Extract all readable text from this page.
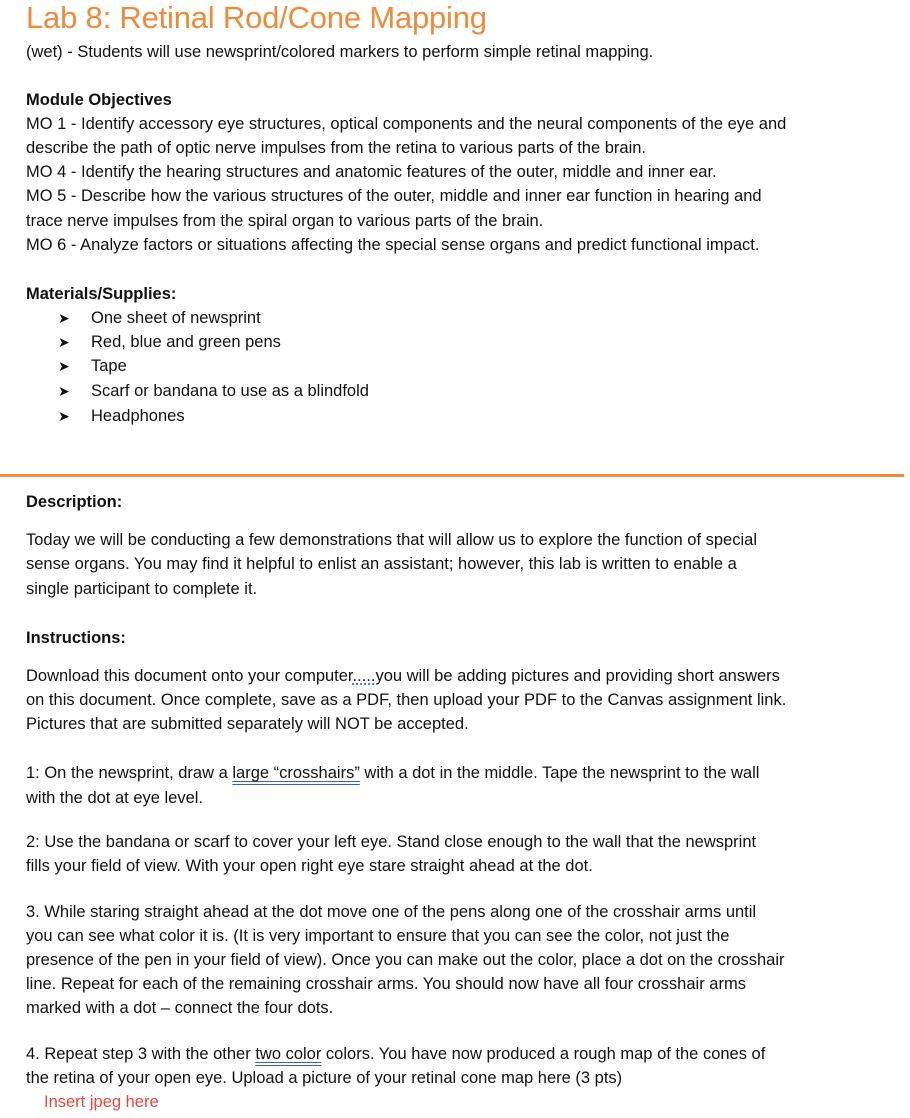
Lab 8: Retinal Rod/Cone Mapping
(wet) - Students will use newsprint/colored markers to perform simple retinal mapping.
Module Objectives
MO 1 - Identify accessory eye structures, optical components and the neural components of the eye and
describe the path of optic nerve impulses from the retina to various parts of the brain.
MO 4 - Identify the hearing structures and anatomic features of the outer, middle and inner ear.
MO 5 - Describe how the various structures of the outer, middle and inner ear function in hearing and
trace nerve impulses from the spiral organ to various parts of the brain.
MO 6 - Analyze factors or situations affecting the special sense organs and predict functional impact.
Materials/Supplies:
➤ One sheet of newsprint
➤ Red, blue and green pens
➤ Tape
➤ Scarf or bandana to use as a blindfold
➤ Headphones
Description:
Today we will be conducting a few demonstrations that will allow us to explore the function of special
sense organs. You may find it helpful to enlist an assistant; however, this lab is written to enable a
single participant to complete it.
Instructions:
Download this document onto your computer.....you will be adding pictures and providing short answers
on this document. Once complete, save as a PDF, then upload your PDF to the Canvas assignment link.
Pictures that are submitted separately will NOT be accepted.
1: On the newsprint, draw a large “crosshairs” with a dot in the middle. Tape the newsprint to the wall
with the dot at eye level.
2: Use the bandana or scarf to cover your left eye. Stand close enough to the wall that the newsprint
fills your field of view. With your open right eye stare straight ahead at the dot.
3. While staring straight ahead at the dot move one of the pens along one of the crosshair arms until
you can see what color it is. (It is very important to ensure that you can see the color, not just the
presence of the pen in your field of view). Once you can make out the color, place a dot on the crosshair
line. Repeat for each of the remaining crosshair arms. You should now have all four crosshair arms
marked with a dot – connect the four dots.
4. Repeat step 3 with the other two color colors. You have now produced a rough map of the cones of
the retina of your open eye. Upload a picture of your retinal cone map here (3 pts)
Insert jpeg here
